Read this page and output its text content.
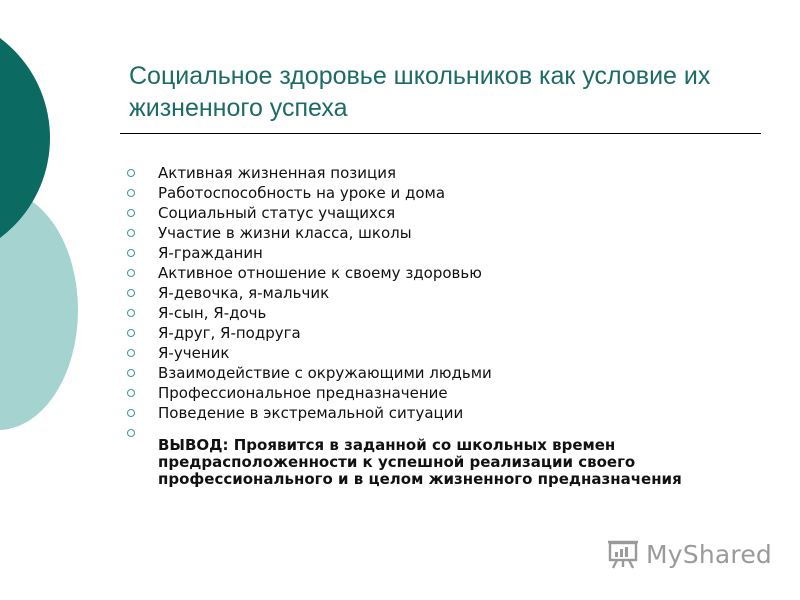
Социальное здоровье школьников как условие их жизненного успеха
Активная жизненная позиция
Работоспособность на уроке и дома
Социальный статус учащихся
Участие в жизни класса, школы
Я-гражданин
Активное отношение к своему здоровью
Я-девочка, я-мальчик
Я-сын, Я-дочь
Я-друг, Я-подруга
Я-ученик
Взаимодействие с окружающими людьми
Профессиональное предназначение
Поведение в экстремальной ситуации
ВЫВОД: Проявится в заданной со школьных времен предрасположенности к успешной реализации своего профессионального и в целом жизненного предназначения
MyShared
